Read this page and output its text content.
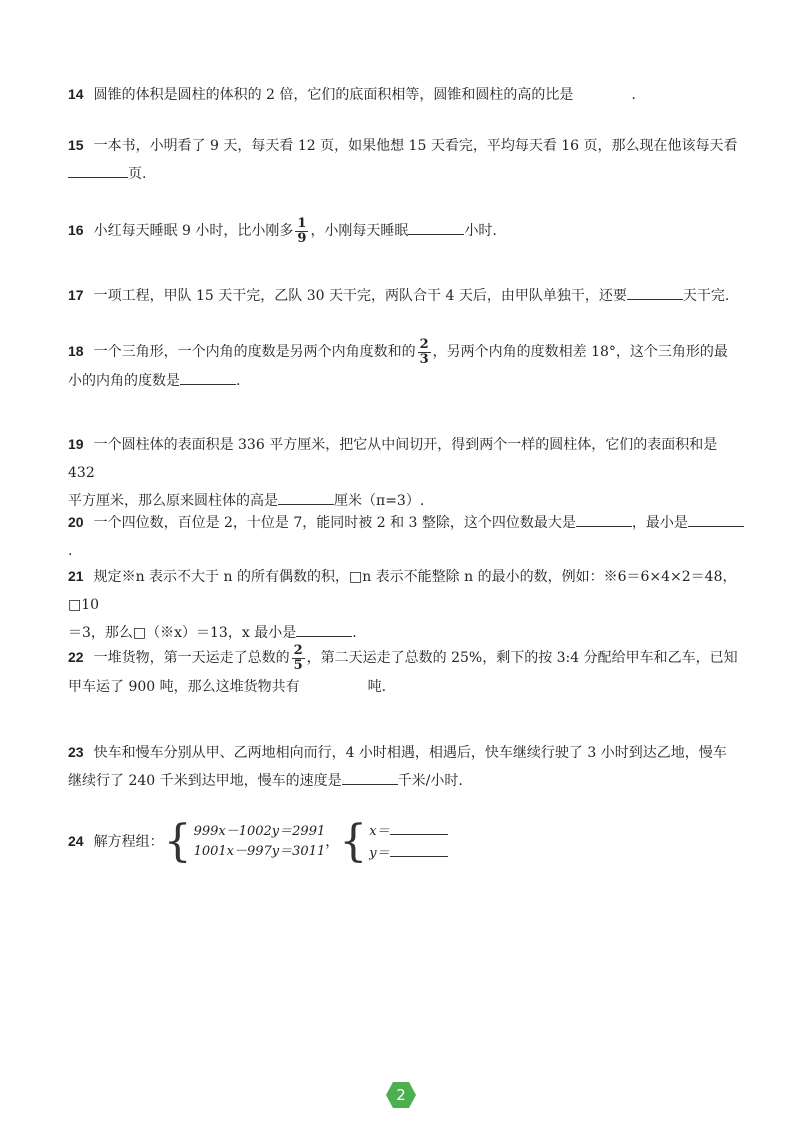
14 圆锥的体积是圆柱的体积的 2 倍，它们的底面积相等，圆锥和圆柱的高的比是	.
15 一本书，小明看了 9 天，每天看 12 页，如果他想 15 天看完，平均每天看 16 页，那么现在他该每天看
页.
16 小红每天睡眠 9 小时，比小刚多 $\frac{1}{9}$ ，小刚每天睡眠	小时.
17 一项工程，甲队 15 天干完，乙队 30 天干完，两队合干 4 天后，由甲队单独干，还要	天干完.
18 一个三角形，一个内角的度数是另两个内角度数和的 $\frac{2}{3}$ ，另两个内角的度数相差 18°，这个三角形的最
小的内角的度数是	.
19 一个圆柱体的表面积是 336 平方厘米，把它从中间切开，得到两个一样的圆柱体，它们的表面积和是 432
平方厘米，那么原来圆柱体的高是	厘米（π=3）.
20 一个四位数，百位是 2，十位是 7，能同时被 2 和 3 整除，这个四位数最大是	，最小是.
21 规定※n 表示不大于 n 的所有偶数的积，□n 表示不能整除 n 的最小的数，例如：※6＝6×4×2＝48，□10
＝3，那么□（※x）＝13，x 最小是	.
22 一堆货物，第一天运走了总数的 $\frac{2}{5}$ ，第二天运走了总数的 25%，剩下的按 3:4 分配给甲车和乙车，已知
甲车运了 900 吨，那么这堆货物共有	吨.
23 快车和慢车分别从甲、乙两地相向而行，4 小时相遇，相遇后，快车继续行驶了 3 小时到达乙地，慢车
继续行了 240 千米到达甲地，慢车的速度是	千米/小时.
24 解方程组： { 999x－1002y＝2991
1001x－997y＝3011
， { x＝
y＝
2
